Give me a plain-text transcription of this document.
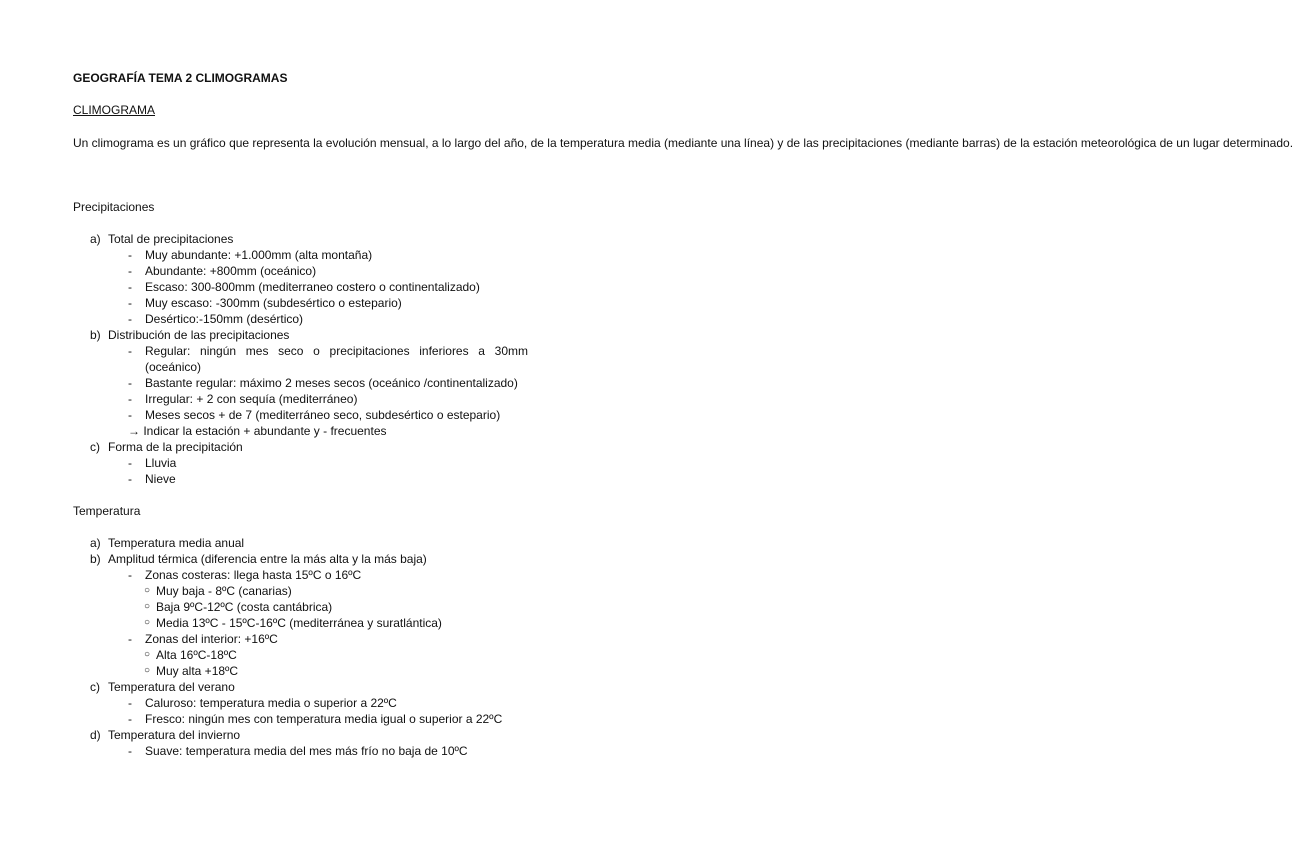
GEOGRAFÍA TEMA 2 CLIMOGRAMAS
CLIMOGRAMA
Un climograma es un gráfico que representa la evolución mensual, a lo largo del año, de la temperatura media (mediante una línea) y de las precipitaciones (mediante barras) de la estación meteorológica de un lugar determinado.
Precipitaciones
a) Total de precipitaciones
- Muy abundante: +1.000mm (alta montaña)
- Abundante: +800mm (oceánico)
- Escaso: 300-800mm (mediterraneo costero o continentalizado)
- Muy escaso: -300mm (subdesértico o estepario)
- Desértico:-150mm (desértico)
b) Distribución de las precipitaciones
- Regular: ningún mes seco o precipitaciones inferiores a 30mm (oceánico)
- Bastante regular: máximo 2 meses secos (oceánico /continentalizado)
- Irregular: + 2 con sequía (mediterráneo)
- Meses secos + de 7 (mediterráneo seco, subdesértico o estepario)
→ Indicar la estación + abundante y - frecuentes
c) Forma de la precipitación
- Lluvia
- Nieve
Temperatura
a) Temperatura media anual
b) Amplitud térmica (diferencia entre la más alta y la más baja)
- Zonas costeras: llega hasta 15ºC o 16ºC
○ Muy baja - 8ºC (canarias)
○ Baja 9ºC-12ºC (costa cantábrica)
○ Media 13ºC - 15ºC-16ºC (mediterránea y suratlántica)
- Zonas del interior: +16ºC
○ Alta 16ºC-18ºC
○ Muy alta +18ºC
c) Temperatura del verano
- Caluroso: temperatura media o superior a 22ºC
- Fresco: ningún mes con temperatura media igual o superior a 22ºC
d) Temperatura del invierno
- Suave: temperatura media del mes más frío no baja de 10ºC
